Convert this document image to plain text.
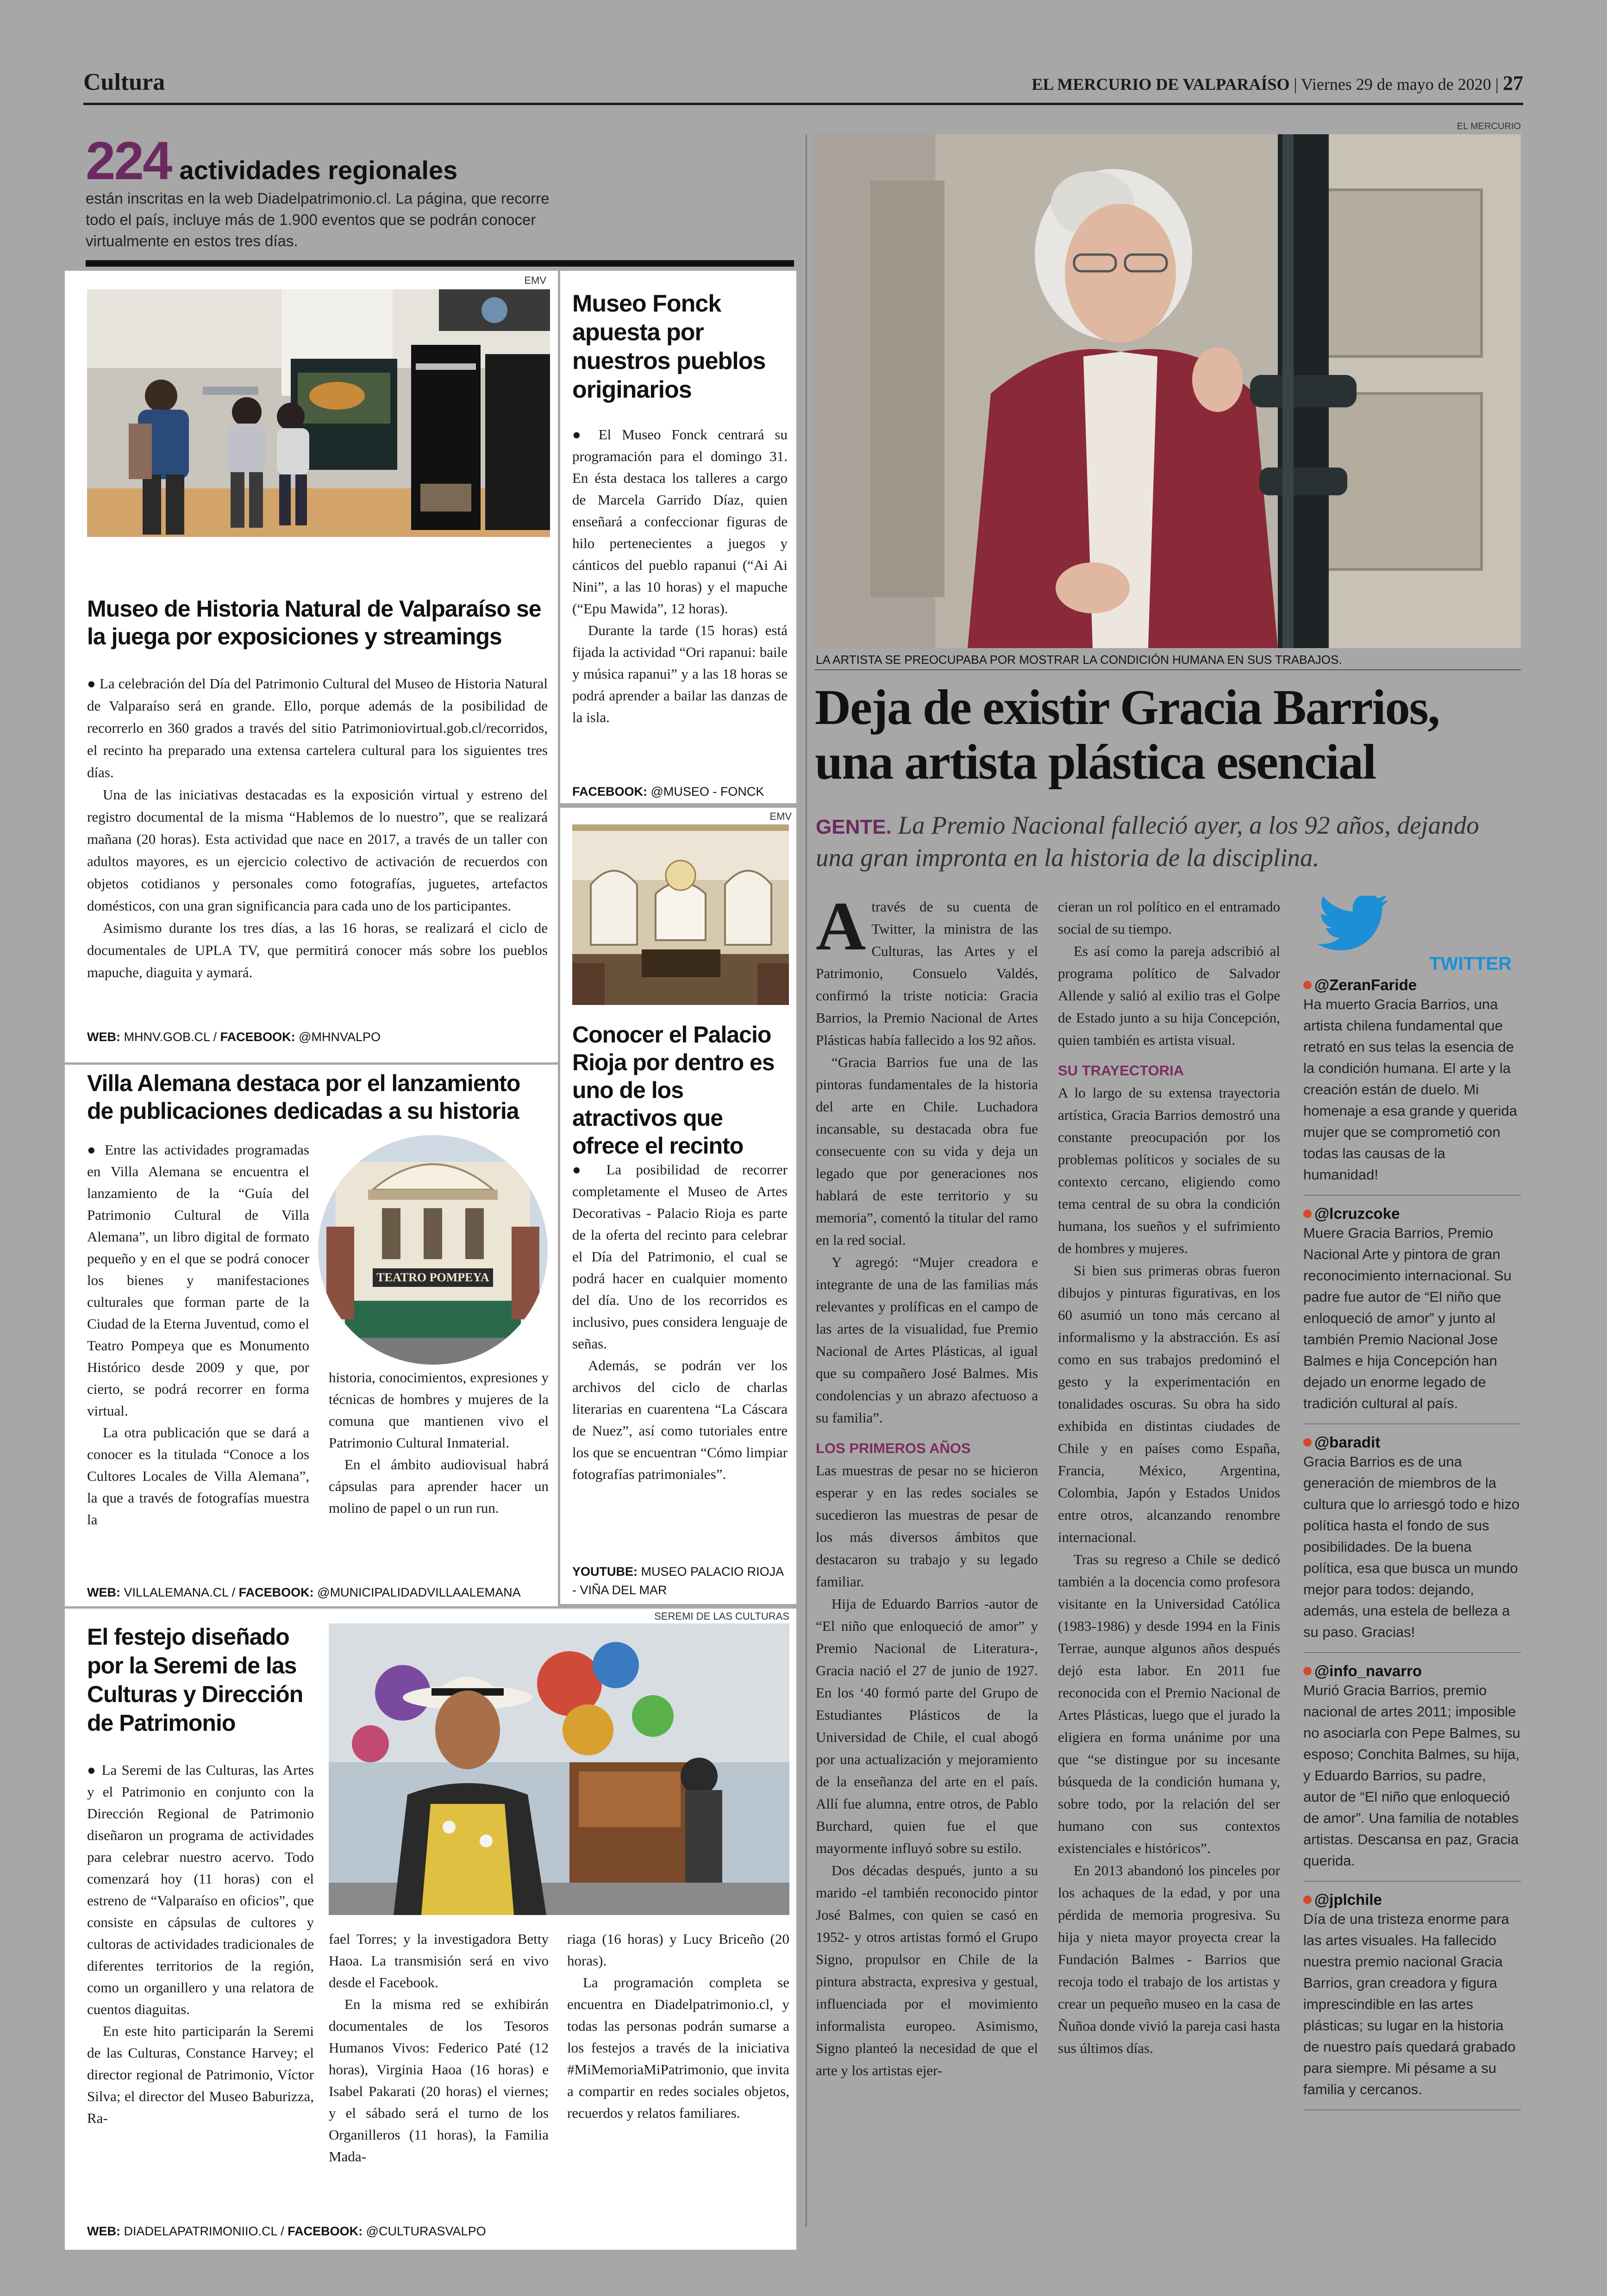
Cultura	EL MERCURIO DE VALPARAÍSO | Viernes 29 de mayo de 2020 | 27
224 actividades regionales
están inscritas en la web Diadelpatrimonio.cl. La página, que recorre todo el país, incluye más de 1.900 eventos que se podrán conocer virtualmente en estos tres días.
EMV
Museo de Historia Natural de Valparaíso se la juega por exposiciones y streamings

● La celebración del Día del Patrimonio Cultural del Museo de Historia Natural de Valparaíso será en grande. Ello, porque además de la posibilidad de recorrerlo en 360 grados a través del sitio Patrimoniovirtual.gob.cl/recorridos, el recinto ha preparado una extensa cartelera cultural para los siguientes tres días.

Una de las iniciativas destacadas es la exposición virtual y estreno del registro documental de la misma “Hablemos de lo nuestro”, que se realizará mañana (20 horas). Esta actividad que nace en 2017, a través de un taller con adultos mayores, es un ejercicio colectivo de activación de recuerdos con objetos cotidianos y personales como fotografías, juguetes, artefactos domésticos, con una gran significancia para cada uno de los participantes.

Asimismo durante los tres días, a las 16 horas, se realizará el ciclo de documentales de UPLA TV, que permitirá conocer más sobre los pueblos mapuche, diaguita y aymará.

WEB: MHNV.GOB.CL / FACEBOOK: @MHNVALPO
Museo Fonck apuesta por nuestros pueblos originarios

● El Museo Fonck centrará su programación para el domingo 31. En ésta destaca los talleres a cargo de Marcela Garrido Díaz, quien enseñará a confeccionar figuras de hilo pertenecientes a juegos y cánticos del pueblo rapanui (“Ai Ai Nini”, a las 10 horas) y el mapuche (“Epu Mawida”, 12 horas).

Durante la tarde (15 horas) está fijada la actividad “Ori rapanui: baile y música rapanui” y a las 18 horas se podrá aprender a bailar las danzas de la isla.

FACEBOOK: @MUSEO - FONCK
EMV
Conocer el Palacio Rioja por dentro es uno de los atractivos que ofrece el recinto

● La posibilidad de recorrer completamente el Museo de Artes Decorativas - Palacio Rioja es parte de la oferta del recinto para celebrar el Día del Patrimonio, el cual se podrá hacer en cualquier momento del día. Uno de los recorridos es inclusivo, pues considera lenguaje de señas.

Además, se podrán ver los archivos del ciclo de charlas literarias en cuarentena “La Cáscara de Nuez”, así como tutoriales entre los que se encuentran “Cómo limpiar fotografías patrimoniales”.

YOUTUBE: MUSEO PALACIO RIOJA - VIÑA DEL MAR
Villa Alemana destaca por el lanzamiento de publicaciones dedicadas a su historia
TEATRO POMPEYA

● Entre las actividades programadas en Villa Alemana se encuentra el lanzamiento de la “Guía del Patrimonio Cultural de Villa Alemana”, un libro digital de formato pequeño y en el que se podrá conocer los bienes y manifestaciones culturales que forman parte de la Ciudad de la Eterna Juventud, como el Teatro Pompeya que es Monumento Histórico desde 2009 y que, por cierto, se podrá recorrer en forma virtual.

La otra publicación que se dará a conocer es la titulada “Conoce a los Cultores Locales de Villa Alemana”, la que a través de fotografías muestra la

historia, conocimientos, expresiones y técnicas de hombres y mujeres de la comuna que mantienen vivo el Patrimonio Cultural Inmaterial.

En el ámbito audiovisual habrá cápsulas para aprender hacer un molino de papel o un run run.

WEB: VILLALEMANA.CL / FACEBOOK: @MUNICIPALIDADVILLAALEMANA
SEREMI DE LAS CULTURAS
El festejo diseñado por la Seremi de las Culturas y Dirección de Patrimonio

● La Seremi de las Culturas, las Artes y el Patrimonio en conjunto con la Dirección Regional de Patrimonio diseñaron un programa de actividades para celebrar nuestro acervo. Todo comenzará hoy (11 horas) con el estreno de “Valparaíso en oficios”, que consiste en cápsulas de cultores y cultoras de actividades tradicionales de diferentes territorios de la región, como un organillero y una relatora de cuentos diaguitas.

En este hito participarán la Seremi de las Culturas, Constance Harvey; el director regional de Patrimonio, Víctor Silva; el director del Museo Baburizza, Ra-

fael Torres; y la investigadora Betty Haoa. La transmisión será en vivo desde el Facebook.

En la misma red se exhibirán documentales de los Tesoros Humanos Vivos: Federico Paté (12 horas), Virginia Haoa (16 horas) e Isabel Pakarati (20 horas) el viernes; y el sábado será el turno de los Organilleros (11 horas), la Familia Mada-

riaga (16 horas) y Lucy Briceño (20 horas).

La programación completa se encuentra en Diadelpatrimonio.cl, y todas las personas podrán sumarse a los festejos a través de la iniciativa #MiMemoriaMiPatrimonio, que invita a compartir en redes sociales objetos, recuerdos y relatos familiares.

WEB: DIADELAPATRIMONIIO.CL / FACEBOOK: @CULTURASVALPO
EL MERCURIO
LA ARTISTA SE PREOCUPABA POR MOSTRAR LA CONDICIÓN HUMANA EN SUS TRABAJOS.
Deja de existir Gracia Barrios, una artista plástica esencial
GENTE. La Premio Nacional falleció ayer, a los 92 años, dejando una gran impronta en la historia de la disciplina.

A través de su cuenta de Twitter, la ministra de las Culturas, las Artes y el Patrimonio, Consuelo Valdés, confirmó la triste noticia: Gracia Barrios, la Premio Nacional de Artes Plásticas había fallecido a los 92 años.

“Gracia Barrios fue una de las pintoras fundamentales de la historia del arte en Chile. Luchadora incansable, su destacada obra fue consecuente con su vida y deja un legado que por generaciones nos hablará de este territorio y su memoria”, comentó la titular del ramo en la red social.

Y agregó: “Mujer creadora e integrante de una de las familias más relevantes y prolíficas en el campo de las artes de la visualidad, fue Premio Nacional de Artes Plásticas, al igual que su compañero José Balmes. Mis condolencias y un abrazo afectuoso a su familia”.

LOS PRIMEROS AÑOS

Las muestras de pesar no se hicieron esperar y en las redes sociales se sucedieron las muestras de pesar de los más diversos ámbitos que destacaron su trabajo y su legado familiar.

Hija de Eduardo Barrios -autor de “El niño que enloqueció de amor” y Premio Nacional de Literatura-, Gracia nació el 27 de junio de 1927. En los ‘40 formó parte del Grupo de Estudiantes Plásticos de la Universidad de Chile, el cual abogó por una actualización y mejoramiento de la enseñanza del arte en el país. Allí fue alumna, entre otros, de Pablo Burchard, quien fue el que mayormente influyó sobre su estilo.

Dos décadas después, junto a su marido -el también reconocido pintor José Balmes, con quien se casó en 1952- y otros artistas formó el Grupo Signo, propulsor en Chile de la pintura abstracta, expresiva y gestual, influenciada por el movimiento informalista europeo. Asimismo, Signo planteó la necesidad de que el arte y los artistas ejer-

cieran un rol político en el entramado social de su tiempo.

Es así como la pareja adscribió al programa político de Salvador Allende y salió al exilio tras el Golpe de Estado junto a su hija Concepción, quien también es artista visual.

SU TRAYECTORIA

A lo largo de su extensa trayectoria artística, Gracia Barrios demostró una constante preocupación por los problemas políticos y sociales de su contexto cercano, eligiendo como tema central de su obra la condición humana, los sueños y el sufrimiento de hombres y mujeres.

Si bien sus primeras obras fueron dibujos y pinturas figurativas, en los 60 asumió un tono más cercano al informalismo y la abstracción. Es así como en sus trabajos predominó el gesto y la experimentación en tonalidades oscuras. Su obra ha sido exhibida en distintas ciudades de Chile y en países como España, Francia, México, Argentina, Colombia, Japón y Estados Unidos entre otros, alcanzando renombre internacional.

Tras su regreso a Chile se dedicó también a la docencia como profesora visitante en la Universidad Católica (1983-1986) y desde 1994 en la Finis Terrae, aunque algunos años después dejó esta labor. En 2011 fue reconocida con el Premio Nacional de Artes Plásticas, luego que el jurado la eligiera en forma unánime por una que “se distingue por su incesante búsqueda de la condición humana y, sobre todo, por la relación del ser humano con sus contextos existenciales e históricos”.

En 2013 abandonó los pinceles por los achaques de la edad, y por una pérdida de memoria progresiva. Su hija y nieta mayor proyecta crear la Fundación Balmes - Barrios que recoja todo el trabajo de los artistas y crear un pequeño museo en la casa de Ñuñoa donde vivió la pareja casi hasta sus últimos días.

TWITTER
@ZeranFaride
Ha muerto Gracia Barrios, una artista chilena fundamental que retrató en sus telas la esencia de la condición humana. El arte y la creación están de duelo. Mi homenaje a esa grande y querida mujer que se comprometió con todas las causas de la humanidad!
@lcruzcoke
Muere Gracia Barrios, Premio Nacional Arte y pintora de gran reconocimiento internacional. Su padre fue autor de “El niño que enloqueció de amor” y junto al también Premio Nacional Jose Balmes e hija Concepción han dejado un enorme legado de tradición cultural al país.
@baradit
Gracia Barrios es de una generación de miembros de la cultura que lo arriesgó todo e hizo política hasta el fondo de sus posibilidades. De la buena política, esa que busca un mundo mejor para todos: dejando, además, una estela de belleza a su paso. Gracias!
@info_navarro
Murió Gracia Barrios, premio nacional de artes 2011; imposible no asociarla con Pepe Balmes, su esposo; Conchita Balmes, su hija, y Eduardo Barrios, su padre, autor de “El niño que enloqueció de amor”. Una familia de notables artistas. Descansa en paz, Gracia querida.
@jplchile
Día de una tristeza enorme para las artes visuales. Ha fallecido nuestra premio nacional Gracia Barrios, gran creadora y figura imprescindible en las artes plásticas; su lugar en la historia de nuestro país quedará grabado para siempre. Mi pésame a su familia y cercanos.
